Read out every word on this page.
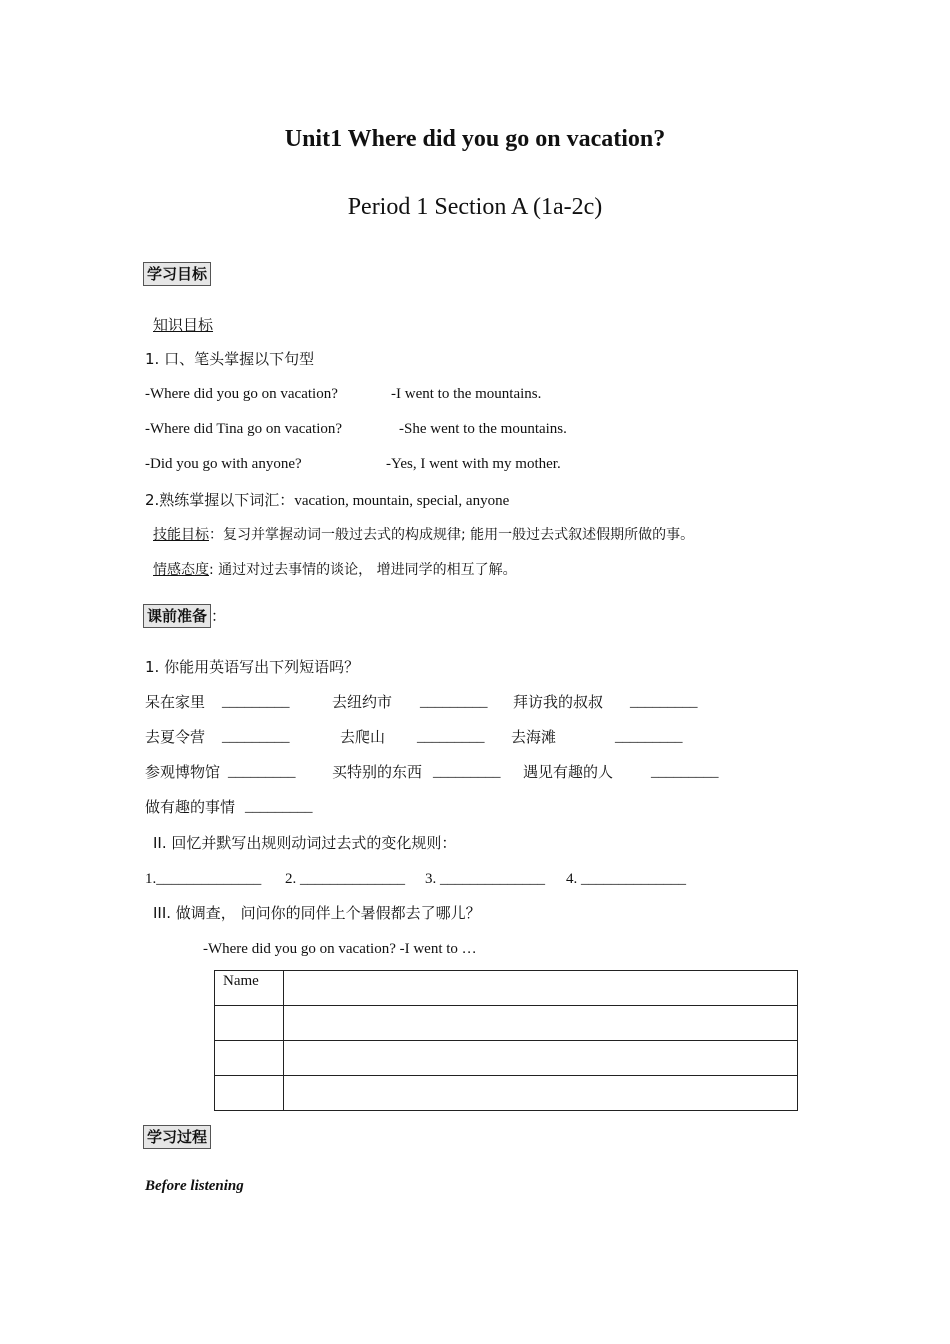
Unit1 Where did you go on vacation?
Period 1 Section A (1a-2c)
学习目标
知识目标
1. 口、笔头掌握以下句型
-Where did you go on vacation?	-I went to the mountains.
-Where did Tina go on vacation?	-She went to the mountains.
-Did you go with anyone?	-Yes, I went with my mother.
2.熟练掌握以下词汇：vacation, mountain, special, anyone
技能目标：复习并掌握动词一般过去式的构成规律; 能用一般过去式叙述假期所做的事。
情感态度: 通过对过去事情的谈论， 增进同学的相互了解。
课前准备 ：
1. 你能用英语写出下列短语吗？
呆在家里 _________	去纽约市 _________ 拜访我的叔叔 _________
去夏令营 _________	去爬山 _________ 去海滩	_________
参观博物馆 _________ 买特别的东西 _________ 遇见有趣的人	_________
做有趣的事情 _________
II. 回忆并默写出规则动词过去式的变化规则：
1.______________ 2. ______________ 3. ______________ 4. ______________
III. 做调查， 问问你的同伴上个暑假都去了哪儿？
-Where did you go on vacation? -I went to …
Name	

学习过程
Before listening
